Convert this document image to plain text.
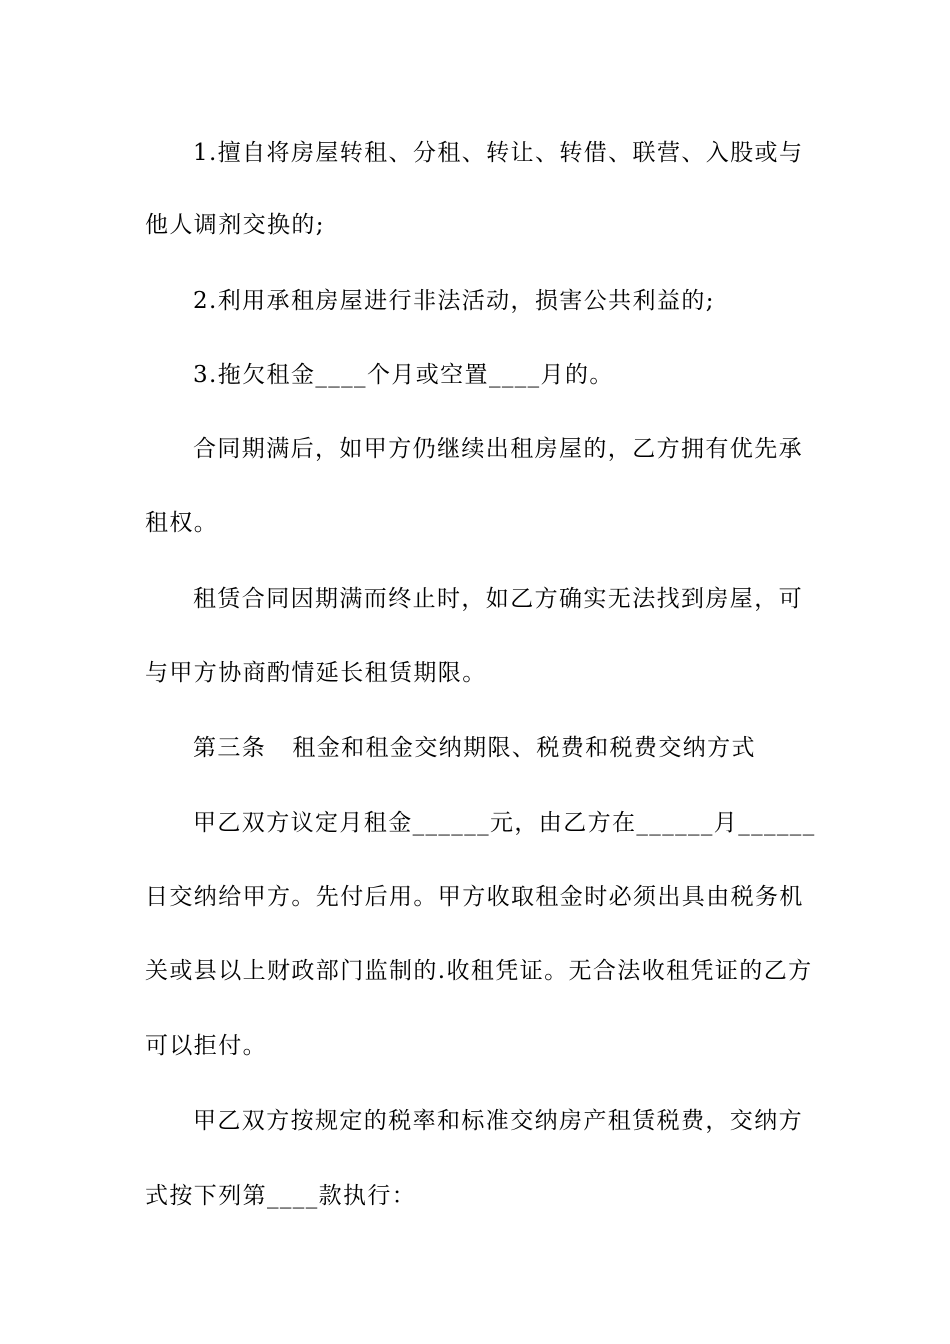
1.擅自将房屋转租、分租、转让、转借、联营、入股或与
他人调剂交换的;
2.利用承租房屋进行非法活动，损害公共利益的;
3.拖欠租金____个月或空置____月的。
合同期满后，如甲方仍继续出租房屋的，乙方拥有优先承
租权。
租赁合同因期满而终止时，如乙方确实无法找到房屋，可
与甲方协商酌情延长租赁期限。
第三条   租金和租金交纳期限、税费和税费交纳方式
甲乙双方议定月租金______元，由乙方在______月______
日交纳给甲方。先付后用。甲方收取租金时必须出具由税务机
关或县以上财政部门监制的.收租凭证。无合法收租凭证的乙方
可以拒付。
甲乙双方按规定的税率和标准交纳房产租赁税费，交纳方
式按下列第____款执行：
